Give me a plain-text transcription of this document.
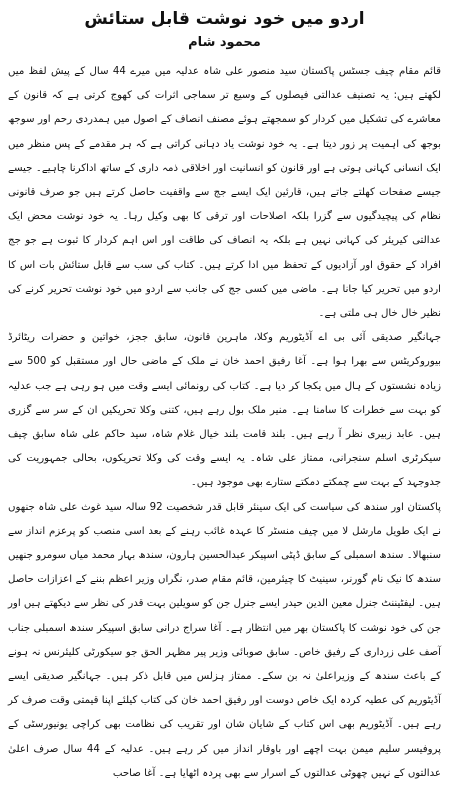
اردو میں خود نوشت قابل ستائش
محمود شام

قائم مقام چیف جسٹس پاکستان سید منصور علی شاہ عدلیہ میں میرے 44 سال کے پیش لفظ میں لکھتے ہیں: یہ تصنیف عدالتی فیصلوں کے وسیع تر سماجی اثرات کی کھوج کرتی ہے کہ قانون کے معاشرے کی تشکیل میں کردار کو سمجھتے ہوئے مصنف انصاف کے اصول میں ہمدردی رحم اور سوجھ بوجھ کی اہمیت پر زور دیتا ہے۔ یہ خود نوشت یاد دہانی کراتی ہے کہ ہر مقدمے کے پس منظر میں ایک انسانی کہانی ہوتی ہے اور قانون کو انسانیت اور اخلاقی ذمہ داری کے ساتھ اداکرنا چاہیے۔ جیسے جیسے صفحات کھلتے جاتے ہیں، قارئین ایک ایسے جج سے واقفیت حاصل کرتے ہیں جو صرف قانونی نظام کی پیچیدگیوں سے گزرا بلکہ اصلاحات اور ترقی کا بھی وکیل رہا۔ یہ خود نوشت محض ایک عدالتی کیریئر کی کہانی نہیں ہے بلکہ یہ انصاف کی طاقت اور اس اہم کردار کا ثبوت ہے جو جج افراد کے حقوق اور آزادیوں کے تحفظ میں ادا کرتے ہیں۔ کتاب کی سب سے قابل ستائش بات اس کا اردو میں تحریر کیا جانا ہے۔ ماضی میں کسی جج کی جانب سے اردو میں خود نوشت تحریر کرنے کی نظیر خال خال ہی ملتی ہے۔

جہانگیر صدیقی آئی بی اے آڈیٹوریم وکلا، ماہرین قانون، سابق ججز، خواتین و حضرات ریٹائرڈ بیوروکریٹس سے بھرا ہوا ہے۔ آغا رفیق احمد خان نے ملک کے ماضی حال اور مستقبل کو 500 سے زیادہ نشستوں کے ہال میں یکجا کر دیا ہے۔ کتاب کی رونمائی ایسے وقت میں ہو رہی ہے جب عدلیہ کو بہت سے خطرات کا سامنا ہے۔ منیر ملک بول رہے ہیں، کتنی وکلا تحریکیں ان کے سر سے گزری ہیں۔ عابد زبیری نظر آ رہے ہیں۔ بلند قامت بلند خیال غلام شاہ، سید حاکم علی شاہ سابق چیف سیکرٹری اسلم سنجرانی، ممتاز علی شاہ۔ یہ ایسے وقت کی وکلا تحریکوں، بحالی جمہوریت کی جدوجہد کے بہت سے چمکتے دمکتے ستارے بھی موجود ہیں۔

پاکستان اور سندھ کی سیاست کی ایک سینئر قابل قدر شخصیت 92 سالہ سید غوث علی شاہ جنھوں نے ایک طویل مارشل لا میں چیف منسٹر کا عہدہ غائب رہنے کے بعد اسی منصب کو پرعزم انداز سے سنبھالا۔ سندھ اسمبلی کے سابق ڈپٹی اسپیکر عبدالحسین ہارون، سندھ بہار محمد میاں سومرو جنھیں سندھ کا نیک نام گورنر، سینیٹ کا چیئرمین، قائم مقام صدر، نگراں وزیر اعظم بننے کے اعزازات حاصل ہیں۔ لیفٹیننٹ جنرل معین الدین حیدر ایسے جنرل جن کو سویلین بہت قدر کی نظر سے دیکھتے ہیں اور جن کی خود نوشت کا پاکستان بھر میں انتظار ہے۔ آغا سراج درانی سابق اسپیکر سندھ اسمبلی جناب آصف علی زرداری کے رفیق خاص۔ سابق صوبائی وزیر پیر مظہر الحق جو سیکورٹی کلیئرنس نہ ہونے کے باعث سندھ کے وزیراعلیٰ نہ بن سکے۔ ممتاز ہزلس میں قابل ذکر ہیں۔ جہانگیر صدیقی ایسے آڈیٹوریم کی عطیہ کردہ ایک خاص دوست اور رفیق احمد خان کی کتاب کیلئے اپنا قیمتی وقت صرف کر رہے ہیں۔ آڈیٹوریم بھی اس کتاب کے شایان شان اور تقریب کی نظامت بھی کراچی یونیورسٹی کے پروفیسر سلیم میمن بہت اچھے اور باوقار انداز میں کر رہے ہیں۔ عدلیہ کے 44 سال صرف اعلیٰ عدالتوں کے نہیں چھوٹی عدالتوں کے اسرار سے بھی پردہ اٹھایا ہے۔ آغا صاحب
